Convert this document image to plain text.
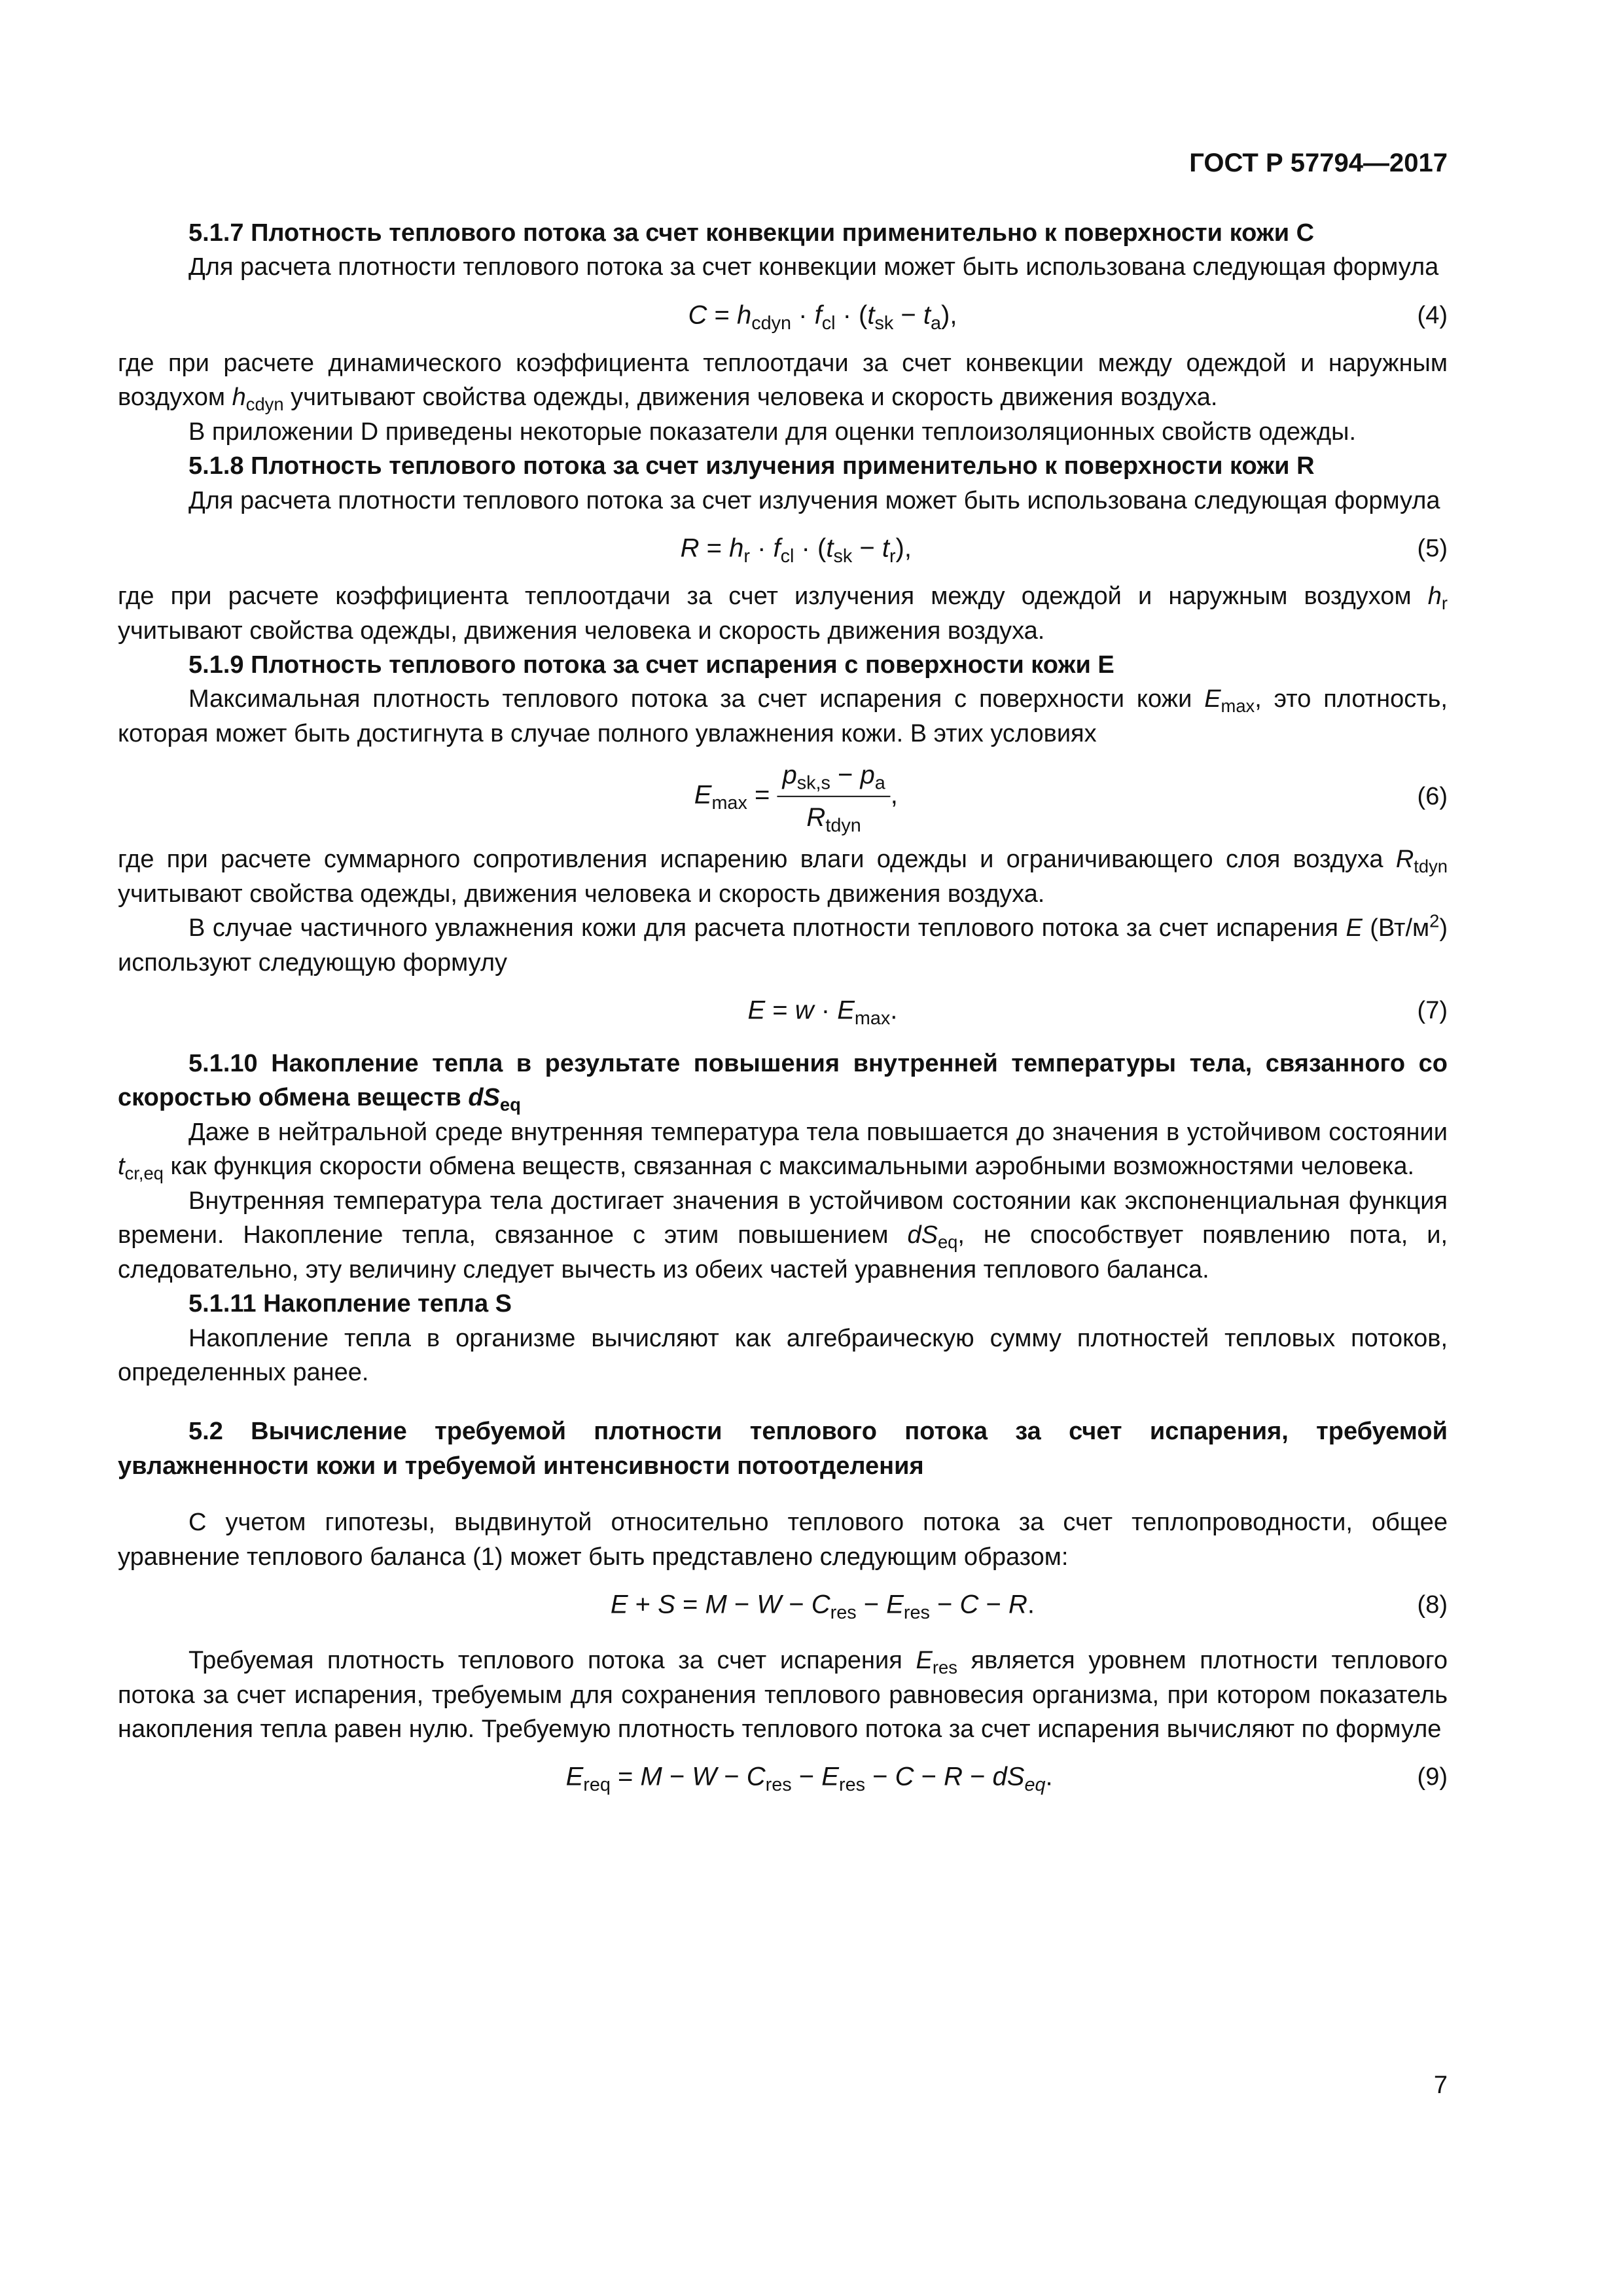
ГОСТ Р 57794—2017

5.1.7 Плотность теплового потока за счет конвекции применительно к поверхности кожи С

Для расчета плотности теплового потока за счет конвекции может быть использована следующая формула

$C = h_{cdyn} \cdot f_{cl} \cdot (t_{sk} - t_a)$,	(4)

где при расчете динамического коэффициента теплоотдачи за счет конвекции между одеждой и наружным воздухом $h_{cdyn}$ учитывают свойства одежды, движения человека и скорость движения воздуха.

В приложении D приведены некоторые показатели для оценки теплоизоляционных свойств одежды.

5.1.8 Плотность теплового потока за счет излучения применительно к поверхности кожи R

Для расчета плотности теплового потока за счет излучения может быть использована следующая формула

$R = h_r \cdot f_{cl} \cdot (t_{sk} - t_r)$,	(5)

где при расчете коэффициента теплоотдачи за счет излучения между одеждой и наружным воздухом $h_r$ учитывают свойства одежды, движения человека и скорость движения воздуха.

5.1.9 Плотность теплового потока за счет испарения с поверхности кожи Е

Максимальная плотность теплового потока за счет испарения с поверхности кожи $E_{max}$, это плотность, которая может быть достигнута в случае полного увлажнения кожи. В этих условиях

$E_{max} = \frac{p_{sk,s} - p_a}{R_{tdyn}}$ ,	(6)

где при расчете суммарного сопротивления испарению влаги одежды и ограничивающего слоя воздуха $R_{tdyn}$ учитывают свойства одежды, движения человека и скорость движения воздуха.

В случае частичного увлажнения кожи для расчета плотности теплового потока за счет испарения E $(Вт/м^2)$ используют следующую формулу

$E = w \cdot E_{max}$.	(7)

5.1.10 Накопление тепла в результате повышения внутренней температуры тела, связанного со скоростью обмена веществ $dS_{eq}$

Даже в нейтральной среде внутренняя температура тела повышается до значения в устойчивом состоянии $t_{cr,eq}$ как функция скорости обмена веществ, связанная с максимальными аэробными возможностями человека.

Внутренняя температура тела достигает значения в устойчивом состоянии как экспоненциальная функция времени. Накопление тепла, связанное с этим повышением $dS_{eq}$, не способствует появлению пота, и, следовательно, эту величину следует вычесть из обеих частей уравнения теплового баланса.

5.1.11 Накопление тепла S

Накопление тепла в организме вычисляют как алгебраическую сумму плотностей тепловых потоков, определенных ранее.

5.2 Вычисление требуемой плотности теплового потока за счет испарения, требуемой увлажненности кожи и требуемой интенсивности потоотделения

С учетом гипотезы, выдвинутой относительно теплового потока за счет теплопроводности, общее уравнение теплового баланса (1) может быть представлено следующим образом:

$E + S = M - W - C_{res} - E_{res} - C - R$.	(8)

Требуемая плотность теплового потока за счет испарения $E_{res}$ является уровнем плотности теплового потока за счет испарения, требуемым для сохранения теплового равновесия организма, при котором показатель накопления тепла равен нулю. Требуемую плотность теплового потока за счет испарения вычисляют по формуле

$E_{req} = M - W - C_{res} - E_{res} - C - R - dS_{eq}$.	(9)
7
